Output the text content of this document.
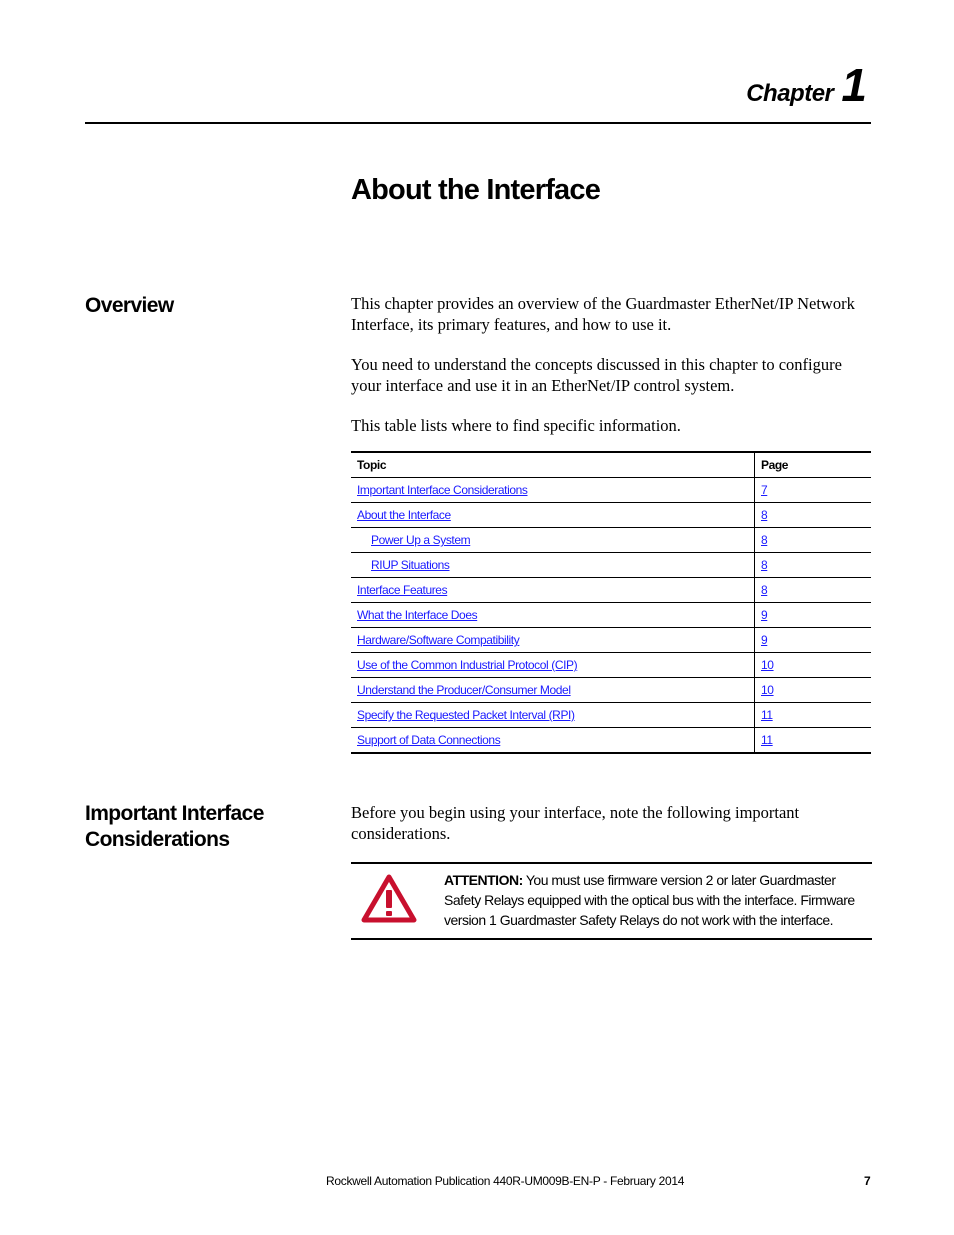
Chapter 1
About the Interface
Overview	This chapter provides an overview of the Guardmaster EtherNet/IP Network Interface, its primary features, and how to use it.
You need to understand the concepts discussed in this chapter to configure your interface and use it in an EtherNet/IP control system.
This table lists where to find specific information.
Topic	Page
Important Interface Considerations	7
About the Interface	8
Power Up a System	8
RIUP Situations	8
Interface Features	8
What the Interface Does	9
Hardware/Software Compatibility	9
Use of the Common Industrial Protocol (CIP)	10
Understand the Producer/Consumer Model	10
Specify the Requested Packet Interval (RPI)	11
Support of Data Connections	11
Important Interface
Considerations
Before you begin using your interface, note the following important considerations.
ATTENTION: You must use firmware version 2 or later Guardmaster Safety Relays equipped with the optical bus with the interface. Firmware version 1 Guardmaster Safety Relays do not work with the interface.
Rockwell Automation Publication 440R-UM009B-EN-P - February 2014	7
